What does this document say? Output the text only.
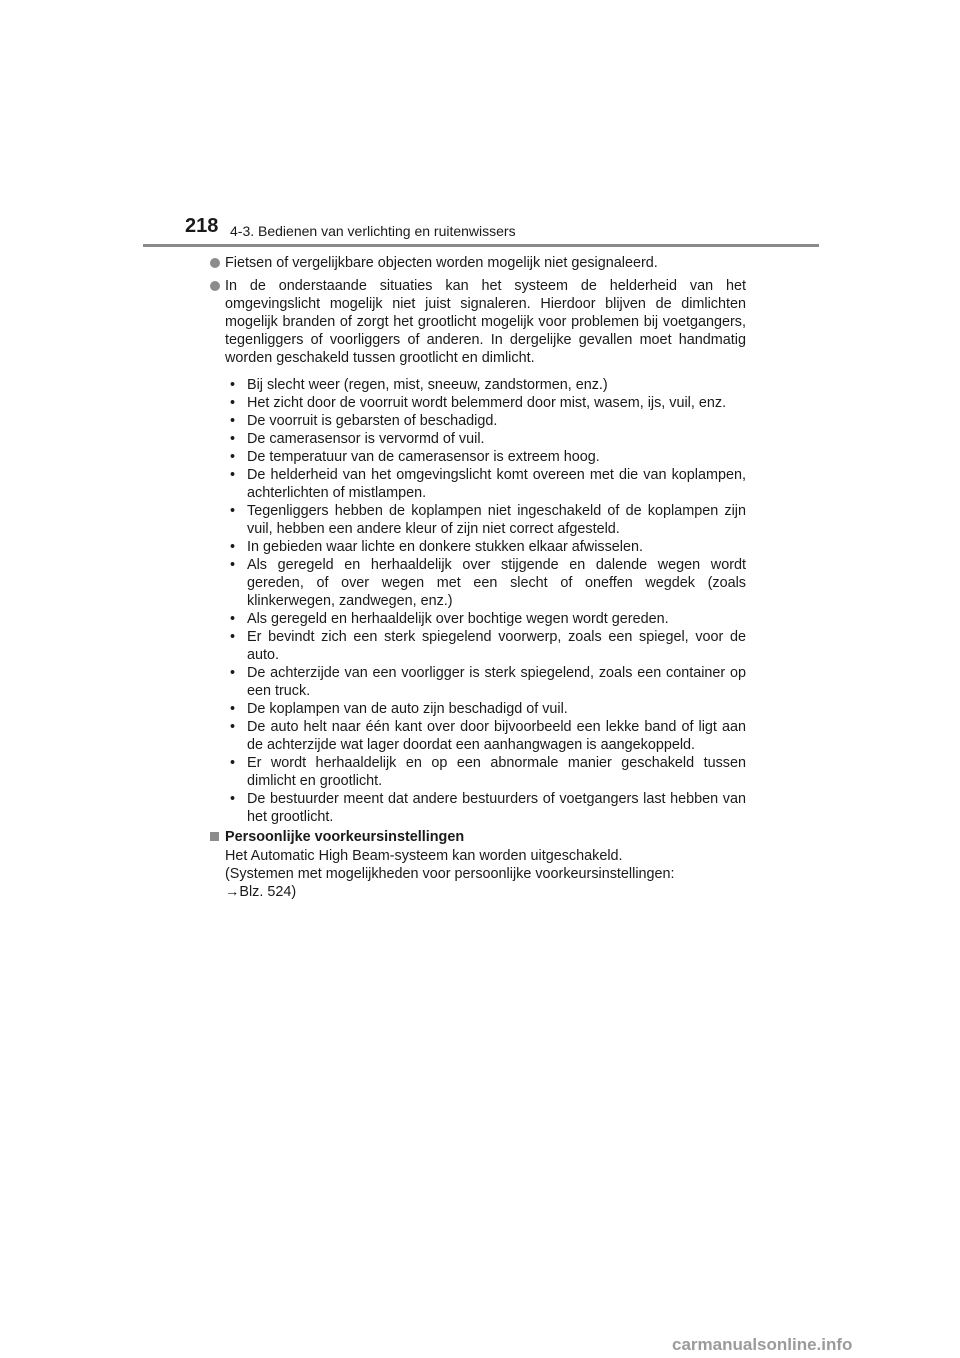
218 4-3. Bedienen van verlichting en ruitenwissers

Fietsen of vergelijkbare objecten worden mogelijk niet gesignaleerd.

In de onderstaande situaties kan het systeem de helderheid van het omgevingslicht mogelijk niet juist signaleren. Hierdoor blijven de dimlichten mogelijk branden of zorgt het grootlicht mogelijk voor problemen bij voetgangers, tegenliggers of voorliggers of anderen. In dergelijke gevallen moet handmatig worden geschakeld tussen grootlicht en dimlicht.

• Bij slecht weer (regen, mist, sneeuw, zandstormen, enz.)
• Het zicht door de voorruit wordt belemmerd door mist, wasem, ijs, vuil, enz.
• De voorruit is gebarsten of beschadigd.
• De camerasensor is vervormd of vuil.
• De temperatuur van de camerasensor is extreem hoog.
• De helderheid van het omgevingslicht komt overeen met die van koplampen, achterlichten of mistlampen.
• Tegenliggers hebben de koplampen niet ingeschakeld of de koplampen zijn vuil, hebben een andere kleur of zijn niet correct afgesteld.
• In gebieden waar lichte en donkere stukken elkaar afwisselen.
• Als geregeld en herhaaldelijk over stijgende en dalende wegen wordt gereden, of over wegen met een slecht of oneffen wegdek (zoals klinkerwegen, zandwegen, enz.)
• Als geregeld en herhaaldelijk over bochtige wegen wordt gereden.
• Er bevindt zich een sterk spiegelend voorwerp, zoals een spiegel, voor de auto.
• De achterzijde van een voorligger is sterk spiegelend, zoals een container op een truck.
• De koplampen van de auto zijn beschadigd of vuil.
• De auto helt naar één kant over door bijvoorbeeld een lekke band of ligt aan de achterzijde wat lager doordat een aanhangwagen is aangekoppeld.
• Er wordt herhaaldelijk en op een abnormale manier geschakeld tussen dimlicht en grootlicht.
• De bestuurder meent dat andere bestuurders of voetgangers last hebben van het grootlicht.
Persoonlijke voorkeursinstellingen
Het Automatic High Beam-systeem kan worden uitgeschakeld.
(Systemen met mogelijkheden voor persoonlijke voorkeursinstellingen:
→Blz. 524)
carmanualsonline.info
